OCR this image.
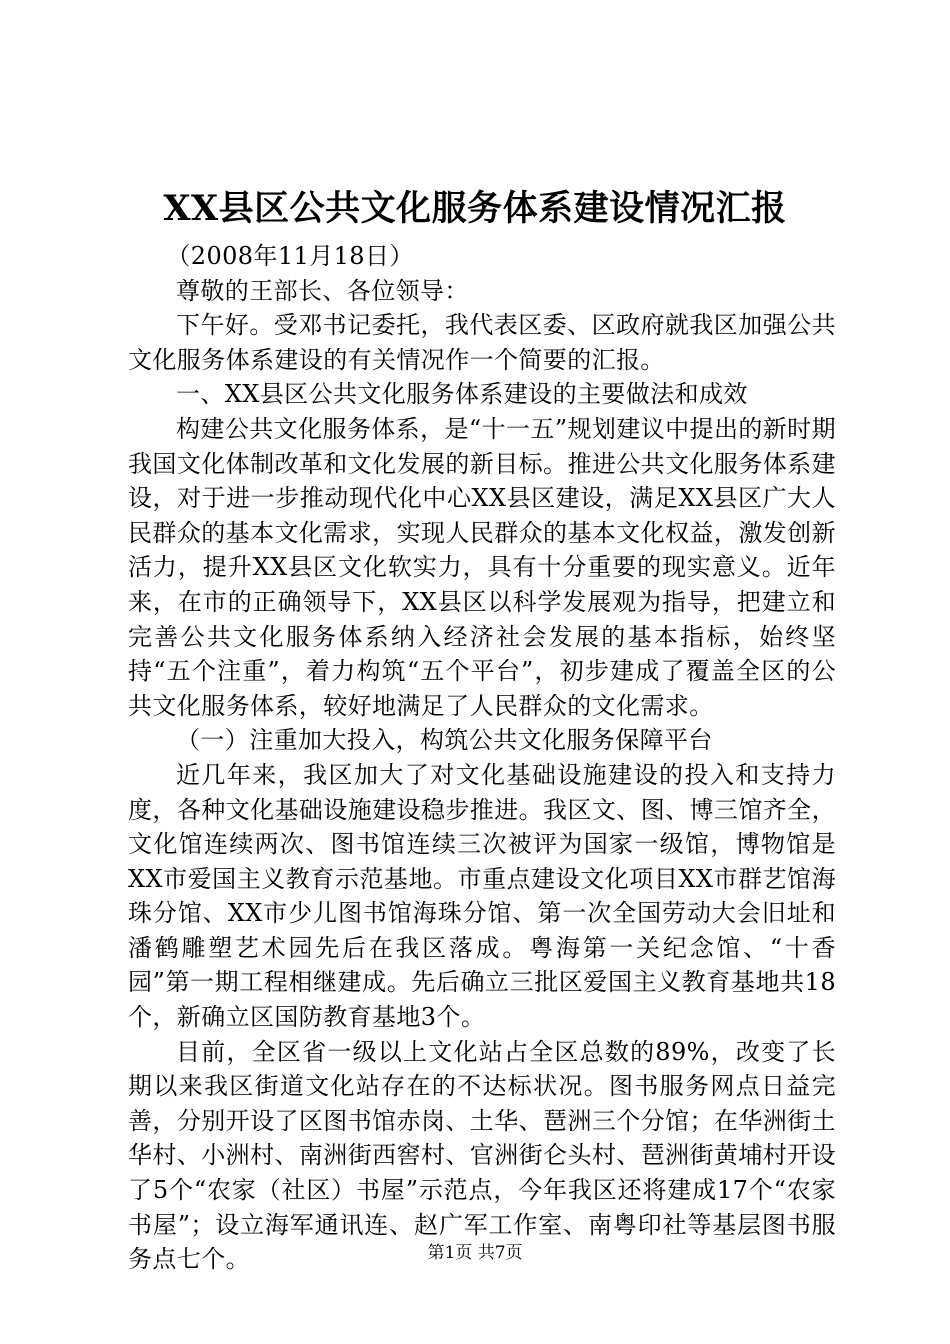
XX县区公共文化服务体系建设情况汇报

（2008年11月18日）

尊敬的王部长、各位领导：

下午好。受邓书记委托，我代表区委、区政府就我区加强公共文化服务体系建设的有关情况作一个简要的汇报。

一、XX县区公共文化服务体系建设的主要做法和成效

构建公共文化服务体系，是“十一五”规划建议中提出的新时期我国文化体制改革和文化发展的新目标。推进公共文化服务体系建设，对于进一步推动现代化中心XX县区建设，满足XX县区广大人民群众的基本文化需求，实现人民群众的基本文化权益，激发创新活力，提升XX县区文化软实力，具有十分重要的现实意义。近年来，在市的正确领导下，XX县区以科学发展观为指导，把建立和完善公共文化服务体系纳入经济社会发展的基本指标，始终坚持“五个注重”，着力构筑“五个平台”，初步建成了覆盖全区的公共文化服务体系，较好地满足了人民群众的文化需求。

（一）注重加大投入，构筑公共文化服务保障平台

近几年来，我区加大了对文化基础设施建设的投入和支持力度，各种文化基础设施建设稳步推进。我区文、图、博三馆齐全，文化馆连续两次、图书馆连续三次被评为国家一级馆，博物馆是XX市爱国主义教育示范基地。市重点建设文化项目XX市群艺馆海珠分馆、XX市少儿图书馆海珠分馆、第一次全国劳动大会旧址和潘鹤雕塑艺术园先后在我区落成。粤海第一关纪念馆、“十香园”第一期工程相继建成。先后确立三批区爱国主义教育基地共18个，新确立区国防教育基地3个。

目前，全区省一级以上文化站占全区总数的89%，改变了长期以来我区街道文化站存在的不达标状况。图书服务网点日益完善，分别开设了区图书馆赤岗、土华、琶洲三个分馆；在华洲街土华村、小洲村、南洲街西窖村、官洲街仑头村、琶洲街黄埔村开设了5个“农家（社区）书屋”示范点，今年我区还将建成17个“农家书屋”；设立海军通讯连、赵广军工作室、南粤印社等基层图书服务点七个。	第1页 共7页
